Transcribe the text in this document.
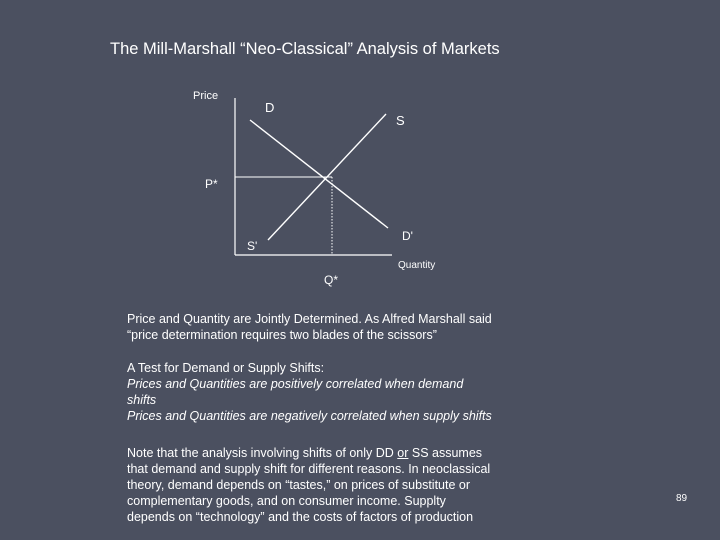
The Mill-Marshall “Neo-Classical” Analysis of Markets
Price
D
S
P*
D'
S'
Quantity
Q*
Price and Quantity are Jointly Determined. As Alfred Marshall said
“price determination requires two blades of the scissors”
A Test for Demand or Supply Shifts:
Prices and Quantities are positively correlated when demand
shifts
Prices and Quantities are negatively correlated when supply shifts
Note that the analysis involving shifts of only DD or SS assumes
that demand and supply shift for different reasons. In neoclassical
theory, demand depends on “tastes,” on prices of substitute or
complementary goods, and on consumer income. Supplty
depends on “technology” and the costs of factors of production
89
